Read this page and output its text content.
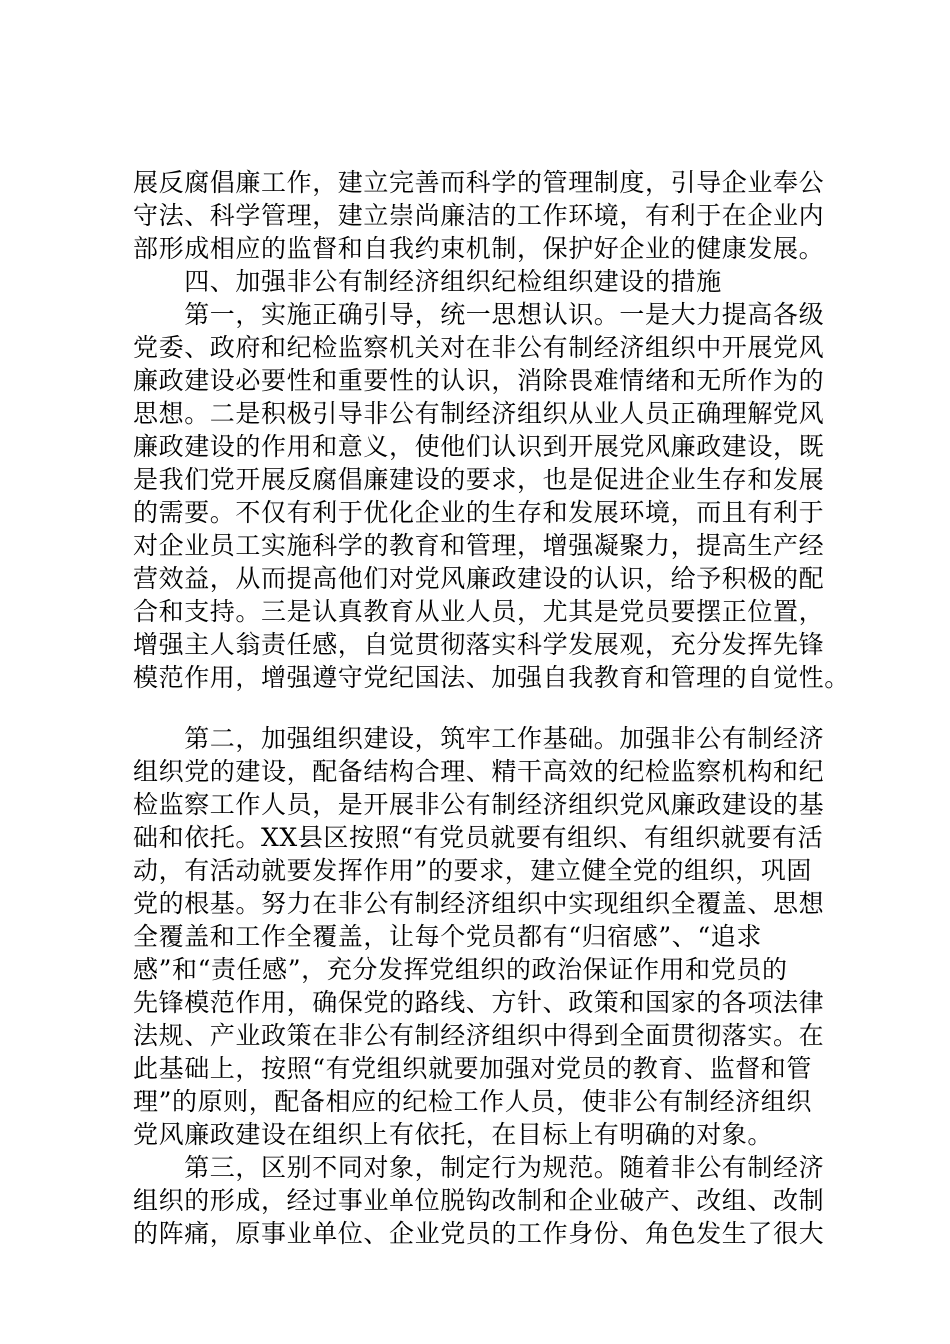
展反腐倡廉工作，建立完善而科学的管理制度，引导企业奉公
守法、科学管理，建立崇尚廉洁的工作环境，有利于在企业内
部形成相应的监督和自我约束机制，保护好企业的健康发展。
　　四、加强非公有制经济组织纪检组织建设的措施
　　第一，实施正确引导，统一思想认识。一是大力提高各级
党委、政府和纪检监察机关对在非公有制经济组织中开展党风
廉政建设必要性和重要性的认识，消除畏难情绪和无所作为的
思想。二是积极引导非公有制经济组织从业人员正确理解党风
廉政建设的作用和意义，使他们认识到开展党风廉政建设，既
是我们党开展反腐倡廉建设的要求，也是促进企业生存和发展
的需要。不仅有利于优化企业的生存和发展环境，而且有利于
对企业员工实施科学的教育和管理，增强凝聚力，提高生产经
营效益，从而提高他们对党风廉政建设的认识，给予积极的配
合和支持。三是认真教育从业人员，尤其是党员要摆正位置，
增强主人翁责任感，自觉贯彻落实科学发展观，充分发挥先锋
模范作用，增强遵守党纪国法、加强自我教育和管理的自觉性。
　　第二，加强组织建设，筑牢工作基础。加强非公有制经济
组织党的建设，配备结构合理、精干高效的纪检监察机构和纪
检监察工作人员，是开展非公有制经济组织党风廉政建设的基
础和依托。XX县区按照“有党员就要有组织、有组织就要有活
动，有活动就要发挥作用”的要求，建立健全党的组织，巩固
党的根基。努力在非公有制经济组织中实现组织全覆盖、思想
全覆盖和工作全覆盖，让每个党员都有“归宿感”、“追求
感”和“责任感”，充分发挥党组织的政治保证作用和党员的
先锋模范作用，确保党的路线、方针、政策和国家的各项法律
法规、产业政策在非公有制经济组织中得到全面贯彻落实。在
此基础上，按照“有党组织就要加强对党员的教育、监督和管
理”的原则，配备相应的纪检工作人员，使非公有制经济组织
党风廉政建设在组织上有依托，在目标上有明确的对象。
　　第三，区别不同对象，制定行为规范。随着非公有制经济
组织的形成，经过事业单位脱钩改制和企业破产、改组、改制
的阵痛，原事业单位、企业党员的工作身份、角色发生了很大
